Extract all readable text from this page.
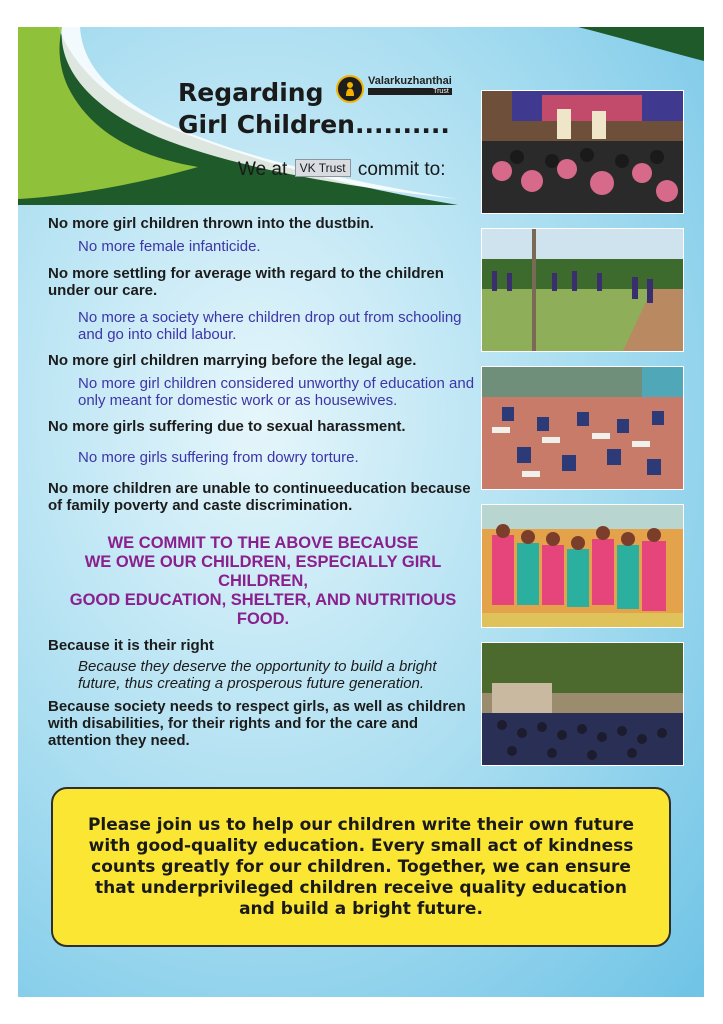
Regarding
Girl Children..........
Valarkuzhanthai
Trust
We at VK Trust commit to:

No more girl children thrown into the dustbin.

No more female infanticide.

No more settling for average with regard to the children under our care.

No more a society where children drop out from schooling and go into child labour.

No more girl children marrying before the legal age.

No more girl children considered unworthy of education and only meant for domestic work or as housewives.

No more girls suffering due to sexual harassment.

No more girls suffering from dowry torture.

No more children are unable to continueeducation because of family poverty and caste discrimination.

WE COMMIT TO THE ABOVE BECAUSE

WE OWE OUR CHILDREN, ESPECIALLY GIRL CHILDREN,

GOOD EDUCATION, SHELTER, AND NUTRITIOUS FOOD.

Because it is their right

Because they deserve the opportunity to build a bright future, thus creating a prosperous future generation.

Because society needs to respect girls, as well as children with disabilities, for their rights and for the care and attention they need.

Please join us to help our children write their own future with good-quality education. Every small act of kindness counts greatly for our children. Together, we can ensure that underprivileged children receive quality education and build a bright future.
